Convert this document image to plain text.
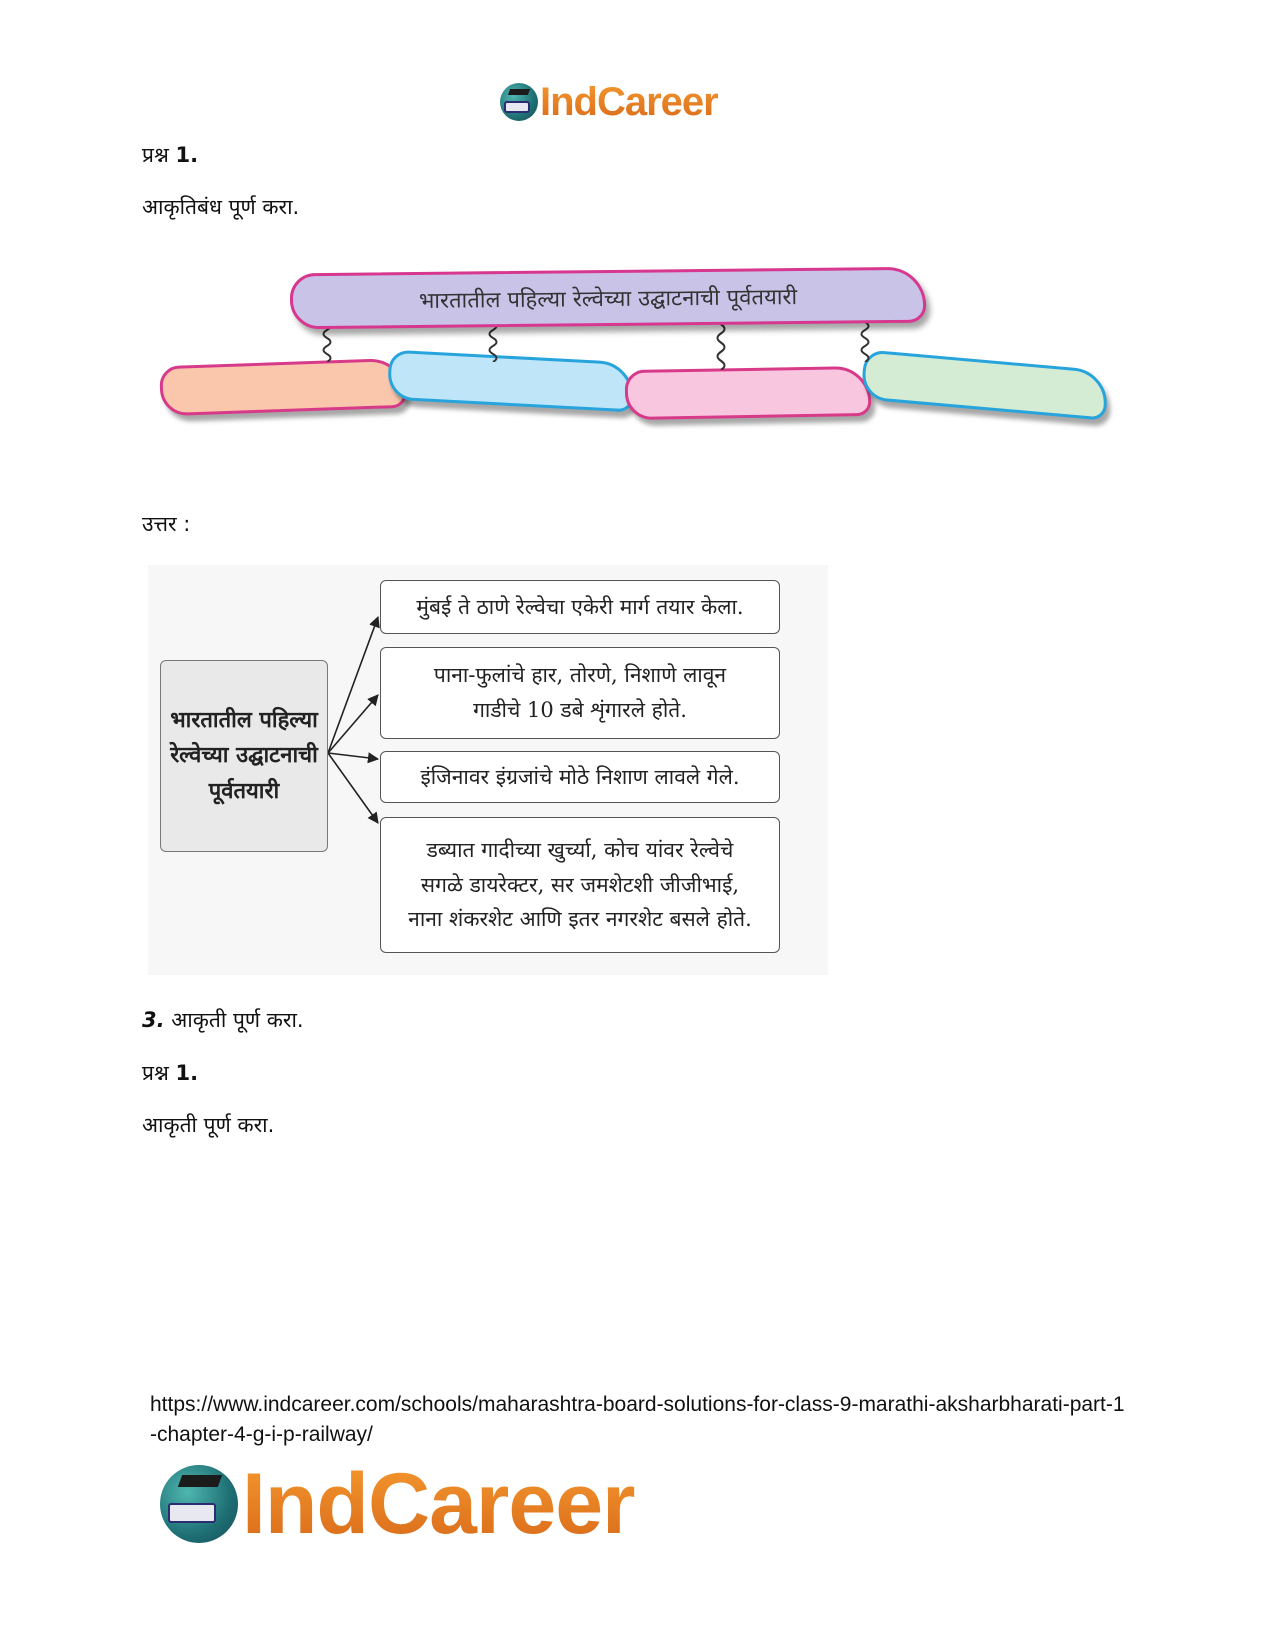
IndCareer
प्रश्न 1.
आकृतिबंध पूर्ण करा.
भारतातील पहिल्या रेल्वेच्या उद्घाटनाची पूर्वतयारी
उत्तर :
भारतातील पहिल्या रेल्वेच्या उद्घाटनाची पूर्वतयारी
मुंबई ते ठाणे रेल्वेचा एकेरी मार्ग तयार केला.
पाना-फुलांचे हार, तोरणे, निशाणे लावून
गाडीचे 10 डबे शृंगारले होते.
इंजिनावर इंग्रजांचे मोठे निशाण लावले गेले.
डब्यात गादीच्या खुर्च्या, कोच यांवर रेल्वेचे
सगळे डायरेक्टर, सर जमशेटशी जीजीभाई,
नाना शंकरशेट आणि इतर नगरशेट बसले होते.
3. आकृती पूर्ण करा.
प्रश्न 1.
आकृती पूर्ण करा.
https://www.indcareer.com/schools/maharashtra-board-solutions-for-class-9-marathi-aksharbharati-part-1-chapter-4-g-i-p-railway/
IndCareer
